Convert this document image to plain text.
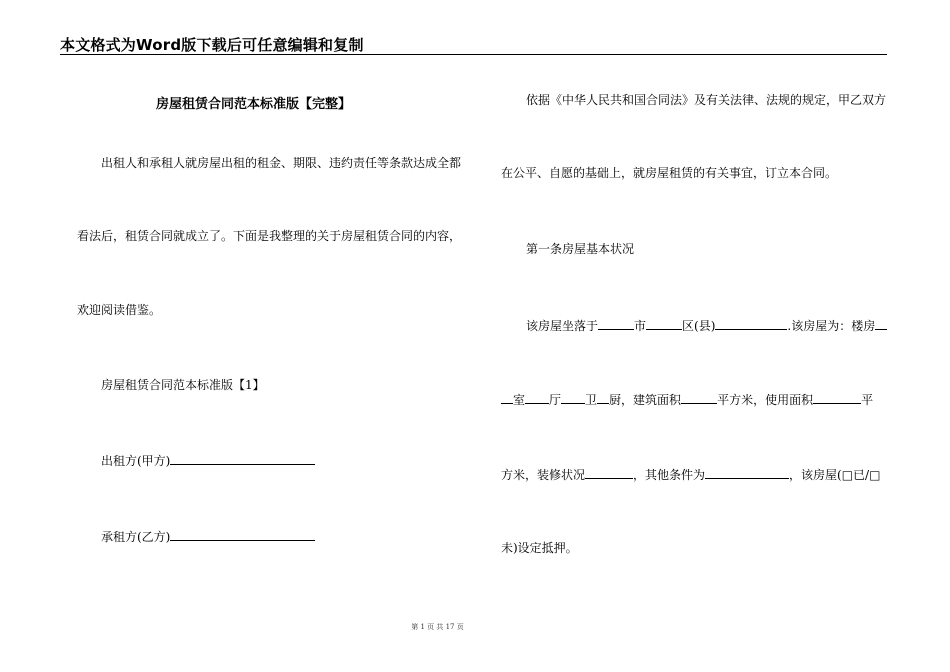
本文格式为Word版下载后可任意编辑和复制
房屋租赁合同范本标准版【完整】
出租人和承租人就房屋出租的租金、期限、违约责任等条款达成全都
看法后，租赁合同就成立了。下面是我整理的关于房屋租赁合同的内容，
欢迎阅读借鉴。
房屋租赁合同范本标准版【1】
出租方(甲方)
承租方(乙方)
依据《中华人民共和国合同法》及有关法律、法规的规定，甲乙双方
在公平、自愿的基础上，就房屋租赁的有关事宜，订立本合同。
第一条房屋基本状况
该房屋坐落于	市	区(县)	.该房屋为：楼房
室 厅 卫 厨，建筑面积	平方米，使用面积	平
方米，装修状况	，其他条件为	，该房屋(□已/□
未)设定抵押。
第 1 页 共 17 页
